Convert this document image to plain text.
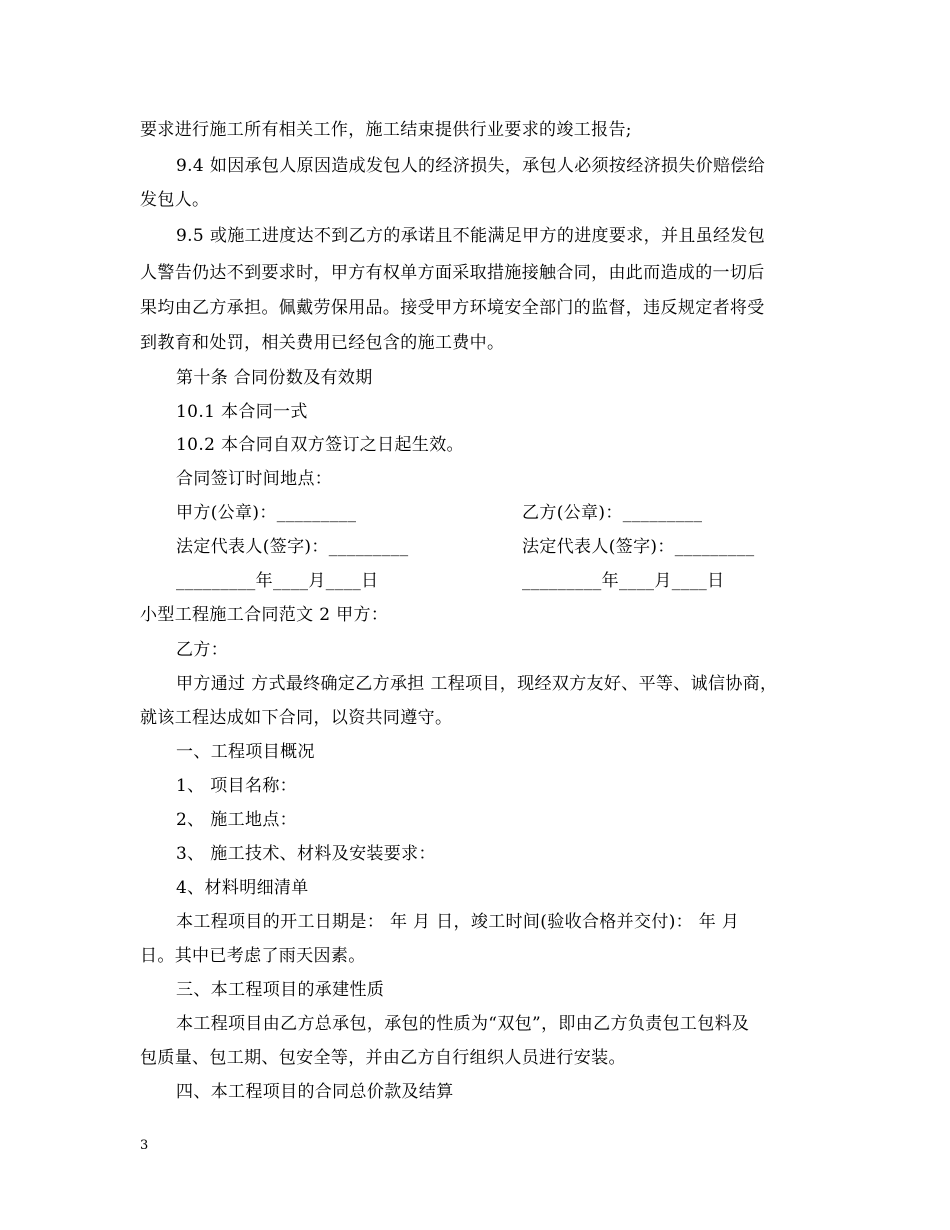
要求进行施工所有相关工作，施工结束提供行业要求的竣工报告;
9.4 如因承包人原因造成发包人的经济损失，承包人必须按经济损失价赔偿给
发包人。
9.5 或施工进度达不到乙方的承诺且不能满足甲方的进度要求，并且虽经发包
人警告仍达不到要求时，甲方有权单方面采取措施接触合同，由此而造成的一切后
果均由乙方承担。佩戴劳保用品。接受甲方环境安全部门的监督，违反规定者将受
到教育和处罚，相关费用已经包含的施工费中。
第十条 合同份数及有效期
10.1 本合同一式
10.2 本合同自双方签订之日起生效。
合同签订时间地点：
甲方(公章)：_________	乙方(公章)：_________
法定代表人(签字)：_________	法定代表人(签字)：_________
_________年____月____日	_________年____月____日
小型工程施工合同范文 2 甲方：
乙方：
甲方通过 方式最终确定乙方承担 工程项目，现经双方友好、平等、诚信协商，
就该工程达成如下合同，以资共同遵守。
一、工程项目概况
1、 项目名称：
2、 施工地点：
3、 施工技术、材料及安装要求：
4、材料明细清单
本工程项目的开工日期是： 年 月 日，竣工时间(验收合格并交付)： 年 月
日。其中已考虑了雨天因素。
三、本工程项目的承建性质
本工程项目由乙方总承包，承包的性质为“双包”，即由乙方负责包工包料及
包质量、包工期、包安全等，并由乙方自行组织人员进行安装。
四、本工程项目的合同总价款及结算
3
